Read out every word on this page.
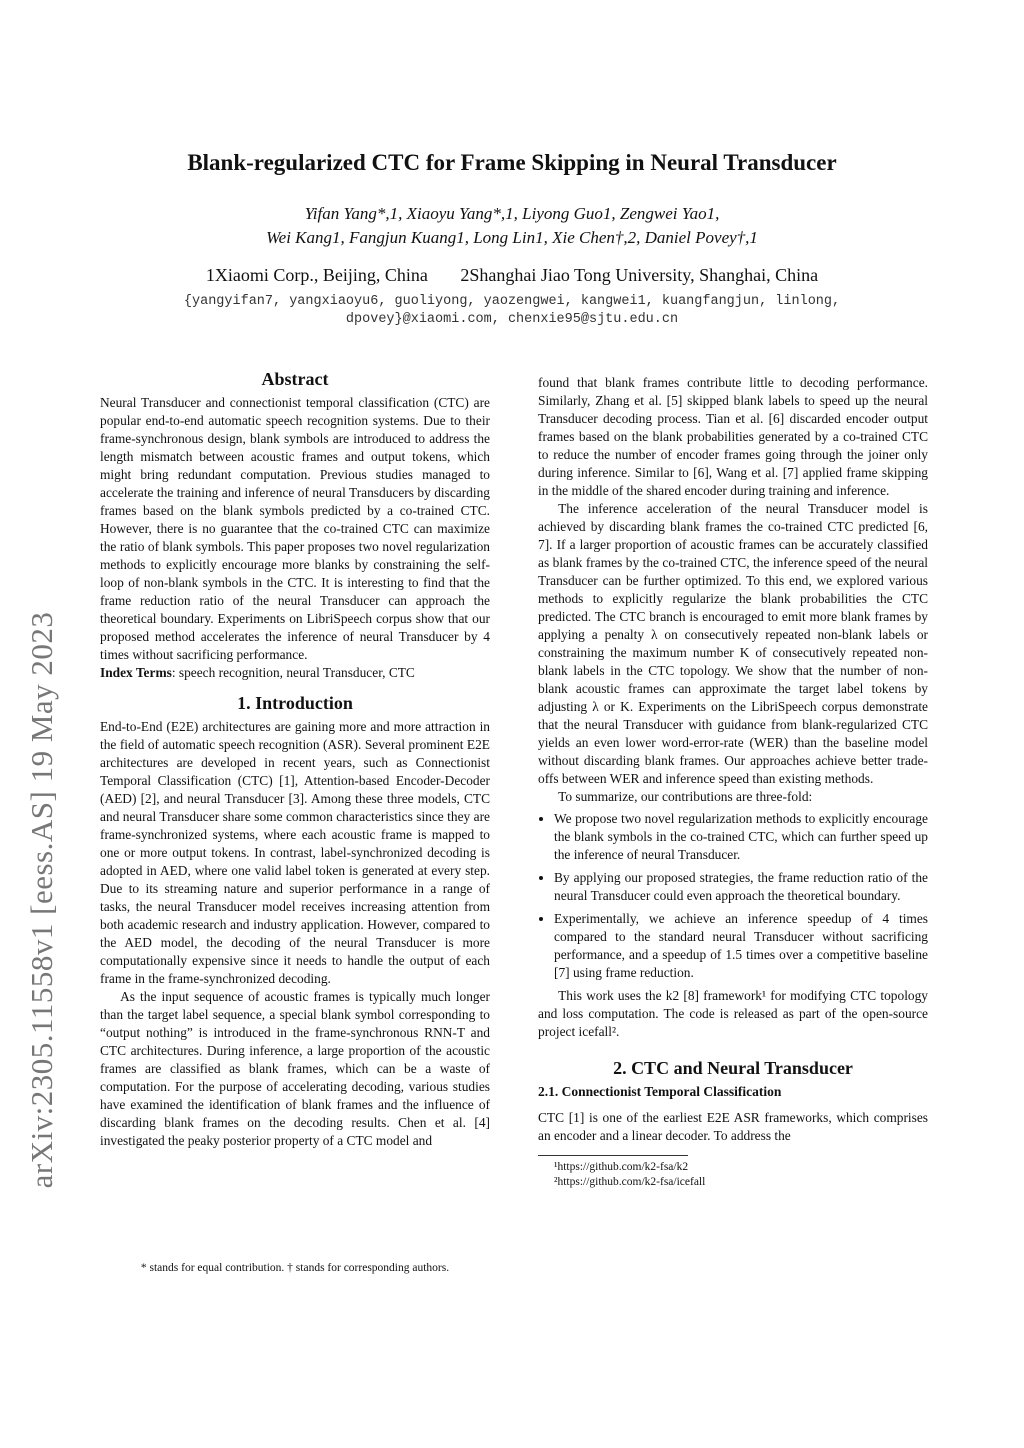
arXiv:2305.11558v1 [eess.AS] 19 May 2023
Blank-regularized CTC for Frame Skipping in Neural Transducer
Yifan Yang*,1, Xiaoyu Yang*,1, Liyong Guo1, Zengwei Yao1,
Wei Kang1, Fangjun Kuang1, Long Lin1, Xie Chen†,2, Daniel Povey†,1
1Xiaomi Corp., Beijing, China 2Shanghai Jiao Tong University, Shanghai, China
{yangyifan7, yangxiaoyu6, guoliyong, yaozengwei, kangwei1, kuangfangjun, linlong,
dpovey}@xiaomi.com, chenxie95@sjtu.edu.cn
Abstract

Neural Transducer and connectionist temporal classification (CTC) are popular end-to-end automatic speech recognition systems. Due to their frame-synchronous design, blank symbols are introduced to address the length mismatch between acoustic frames and output tokens, which might bring redundant computation. Previous studies managed to accelerate the training and inference of neural Transducers by discarding frames based on the blank symbols predicted by a co-trained CTC. However, there is no guarantee that the co-trained CTC can maximize the ratio of blank symbols. This paper proposes two novel regularization methods to explicitly encourage more blanks by constraining the self-loop of non-blank symbols in the CTC. It is interesting to find that the frame reduction ratio of the neural Transducer can approach the theoretical boundary. Experiments on LibriSpeech corpus show that our proposed method accelerates the inference of neural Transducer by 4 times without sacrificing performance.

Index Terms: speech recognition, neural Transducer, CTC

1. Introduction

End-to-End (E2E) architectures are gaining more and more attraction in the field of automatic speech recognition (ASR). Several prominent E2E architectures are developed in recent years, such as Connectionist Temporal Classification (CTC) [1], Attention-based Encoder-Decoder (AED) [2], and neural Transducer [3]. Among these three models, CTC and neural Transducer share some common characteristics since they are frame-synchronized systems, where each acoustic frame is mapped to one or more output tokens. In contrast, label-synchronized decoding is adopted in AED, where one valid label token is generated at every step. Due to its streaming nature and superior performance in a range of tasks, the neural Transducer model receives increasing attention from both academic research and industry application. However, compared to the AED model, the decoding of the neural Transducer is more computationally expensive since it needs to handle the output of each frame in the frame-synchronized decoding.

As the input sequence of acoustic frames is typically much longer than the target label sequence, a special blank symbol corresponding to “output nothing” is introduced in the frame-synchronous RNN-T and CTC architectures. During inference, a large proportion of the acoustic frames are classified as blank frames, which can be a waste of computation. For the purpose of accelerating decoding, various studies have examined the identification of blank frames and the influence of discarding blank frames on the decoding results. Chen et al. [4] investigated the peaky posterior property of a CTC model and

* stands for equal contribution. † stands for corresponding authors.

found that blank frames contribute little to decoding performance. Similarly, Zhang et al. [5] skipped blank labels to speed up the neural Transducer decoding process. Tian et al. [6] discarded encoder output frames based on the blank probabilities generated by a co-trained CTC to reduce the number of encoder frames going through the joiner only during inference. Similar to [6], Wang et al. [7] applied frame skipping in the middle of the shared encoder during training and inference.

The inference acceleration of the neural Transducer model is achieved by discarding blank frames the co-trained CTC predicted [6, 7]. If a larger proportion of acoustic frames can be accurately classified as blank frames by the co-trained CTC, the inference speed of the neural Transducer can be further optimized. To this end, we explored various methods to explicitly regularize the blank probabilities the CTC predicted. The CTC branch is encouraged to emit more blank frames by applying a penalty λ on consecutively repeated non-blank labels or constraining the maximum number K of consecutively repeated non-blank labels in the CTC topology. We show that the number of non-blank acoustic frames can approximate the target label tokens by adjusting λ or K. Experiments on the LibriSpeech corpus demonstrate that the neural Transducer with guidance from blank-regularized CTC yields an even lower word-error-rate (WER) than the baseline model without discarding blank frames. Our approaches achieve better trade-offs between WER and inference speed than existing methods.

To summarize, our contributions are three-fold:

• We propose two novel regularization methods to explicitly encourage the blank symbols in the co-trained CTC, which can further speed up the inference of neural Transducer.
• By applying our proposed strategies, the frame reduction ratio of the neural Transducer could even approach the theoretical boundary.
• Experimentally, we achieve an inference speedup of 4 times compared to the standard neural Transducer without sacrificing performance, and a speedup of 1.5 times over a competitive baseline [7] using frame reduction.

This work uses the k2 [8] framework¹ for modifying CTC topology and loss computation. The code is released as part of the open-source project icefall².

2. CTC and Neural Transducer
2.1. Connectionist Temporal Classification

CTC [1] is one of the earliest E2E ASR frameworks, which comprises an encoder and a linear decoder. To address the

¹https://github.com/k2-fsa/k2
²https://github.com/k2-fsa/icefall
